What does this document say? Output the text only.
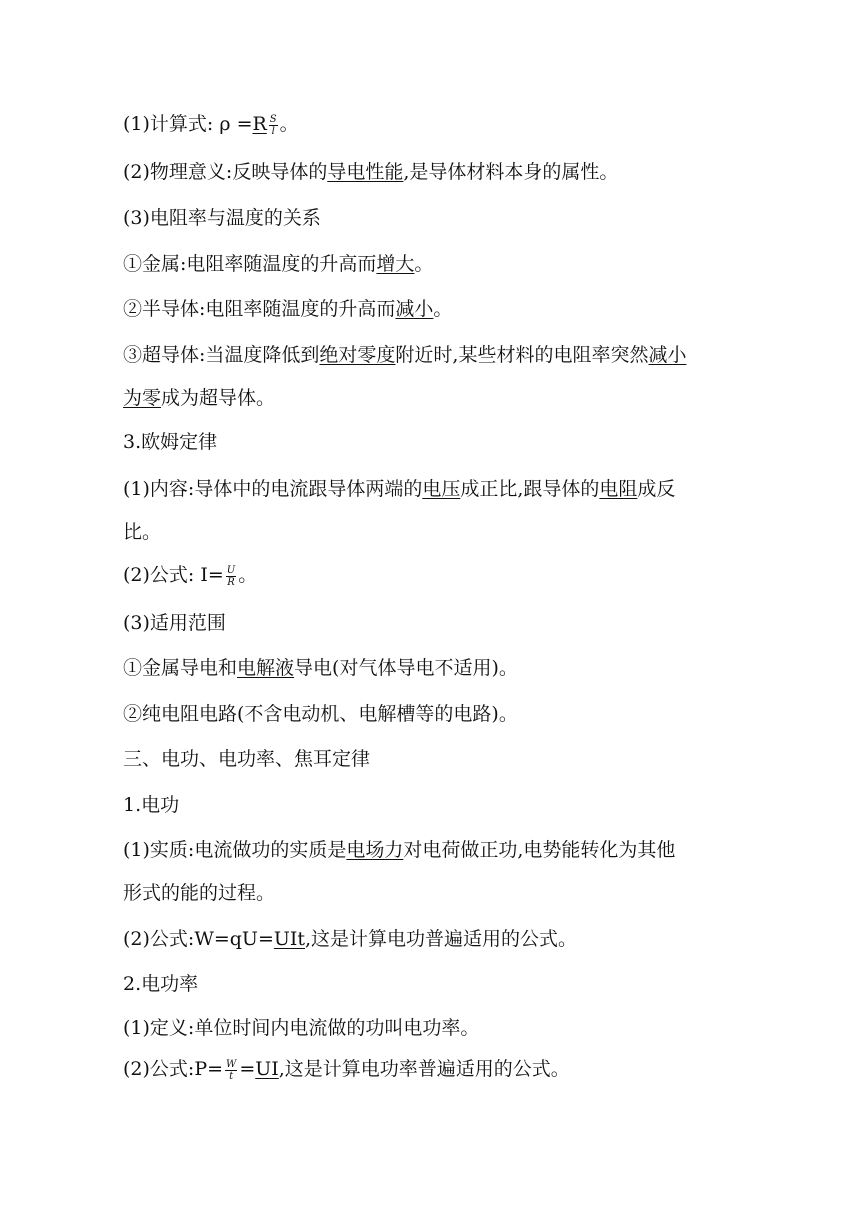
(1)计算式: $\rho =R \frac{S}{l}$ 。
(2)物理意义:反映导体的导电性能,是导体材料本身的属性。
(3)电阻率与温度的关系
①金属:电阻率随温度的升高而增大。
②半导体:电阻率随温度的升高而减小。
③超导体:当温度降低到绝对零度附近时,某些材料的电阻率突然减小
为零成为超导体。
3.欧姆定律
(1)内容:导体中的电流跟导体两端的电压成正比,跟导体的电阻成反
比。
(2)公式: $I= \frac{U}{R}$ 。
(3)适用范围
①金属导电和电解液导电(对气体导电不适用)。
②纯电阻电路(不含电动机、电解槽等的电路)。
三、电功、电功率、焦耳定律
1.电功
(1)实质:电流做功的实质是电场力对电荷做正功,电势能转化为其他
形式的能的过程。
(2)公式:W=qU=UIt,这是计算电功普遍适用的公式。
2.电功率
(1)定义:单位时间内电流做的功叫电功率。
(2)公式:P= $\frac{W}{t} =UI$,这是计算电功率普遍适用的公式。
